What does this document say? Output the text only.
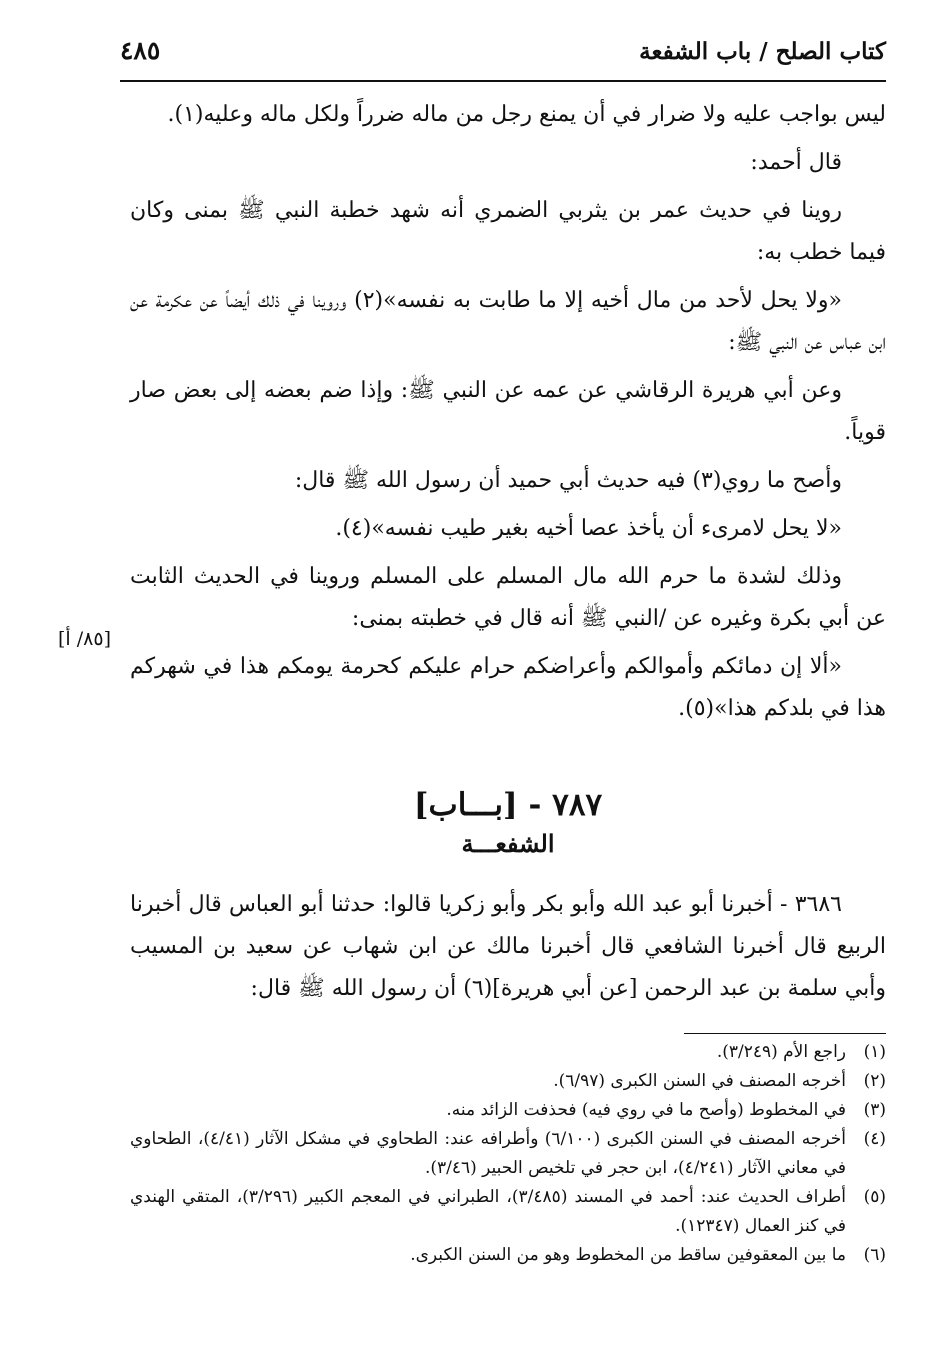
كتاب الصلح / باب الشفعة
٤٨٥

ليس بواجب عليه ولا ضرار في أن يمنع رجل من ماله ضرراً ولكل ماله وعليه(١).

قال أحمد:

روينا في حديث عمر بن يثربي الضمري أنه شهد خطبة النبي ﷺ بمنى وكان فيما خطب به:

«ولا يحل لأحد من مال أخيه إلا ما طابت به نفسه»(٢) وروينا في ذلك أيضاً عن عكرمة عن ابن عباس عن النبي ﷺ:

وعن أبي هريرة الرقاشي عن عمه عن النبي ﷺ: وإذا ضم بعضه إلى بعض صار قوياً.

وأصح ما روي(٣) فيه حديث أبي حميد أن رسول الله ﷺ قال:

«لا يحل لامرىء أن يأخذ عصا أخيه بغير طيب نفسه»(٤).

وذلك لشدة ما حرم الله مال المسلم على المسلم وروينا في الحديث الثابت عن أبي بكرة وغيره عن /النبي ﷺ أنه قال في خطبته بمنى:

«ألا إن دمائكم وأموالكم وأعراضكم حرام عليكم كحرمة يومكم هذا في شهركم هذا في بلدكم هذا»(٥).

[٨٥/ أ]
٧٨٧ - [بـــاب]
الشفعـــة
٣٦٨٦ - أخبرنا أبو عبد الله وأبو بكر وأبو زكريا قالوا: حدثنا أبو العباس قال أخبرنا الربيع قال أخبرنا الشافعي قال أخبرنا مالك عن ابن شهاب عن سعيد بن المسيب وأبي سلمة بن عبد الرحمن [عن أبي هريرة](٦) أن رسول الله ﷺ قال:

(١)
راجع الأم (٣/٢٤٩).

(٢)
أخرجه المصنف في السنن الكبرى (٦/٩٧).

(٣)
في المخطوط (وأصح ما في روي فيه) فحذفت الزائد منه.

(٤)
أخرجه المصنف في السنن الكبرى (٦/١٠٠) وأطرافه عند: الطحاوي في مشكل الآثار (٤/٤١)، الطحاوي في معاني الآثار (٤/٢٤١)، ابن حجر في تلخيص الحبير (٣/٤٦).

(٥)
أطراف الحديث عند: أحمد في المسند (٣/٤٨٥)، الطبراني في المعجم الكبير (٣/٢٩٦)، المتقي الهندي في كنز العمال (١٢٣٤٧).

(٦)
ما بين المعقوفين ساقط من المخطوط وهو من السنن الكبرى.
